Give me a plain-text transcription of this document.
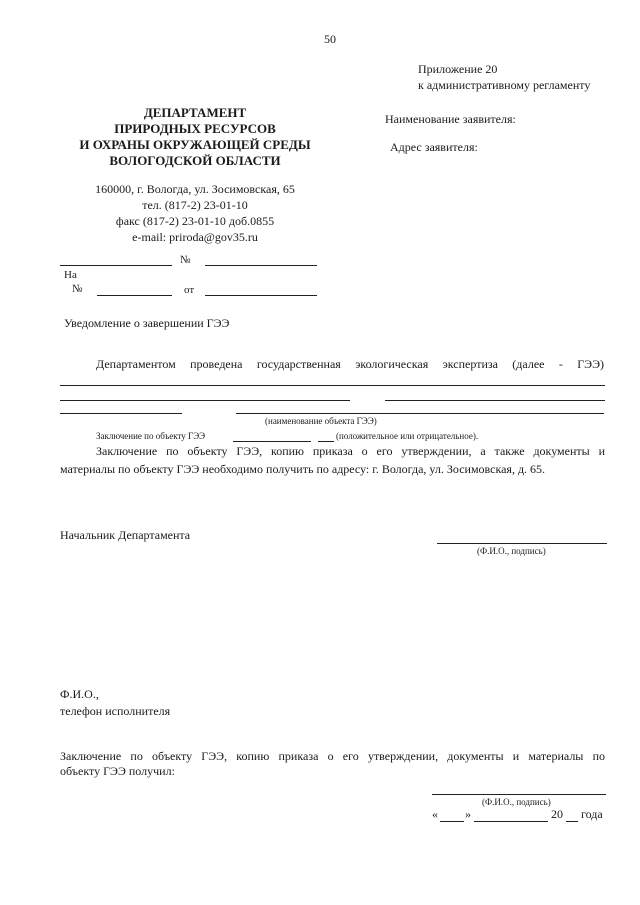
50
Приложение 20
к административному регламенту
ДЕПАРТАМЕНТ
ПРИРОДНЫХ РЕСУРСОВ
И ОХРАНЫ ОКРУЖАЮЩЕЙ СРЕДЫ
ВОЛОГОДСКОЙ ОБЛАСТИ
160000, г. Вологда, ул. Зосимовская, 65
тел. (817-2) 23-01-10
факс (817-2) 23-01-10 доб.0855
e-mail: priroda@gov35.ru
Наименование заявителя:
Адрес заявителя:
№
На
№	от
Уведомление о завершении ГЭЭ
Департаментом проведена государственная экологическая экспертиза (далее - ГЭЭ)
(наименование объекта ГЭЭ)
Заключение по объекту ГЭЭ	(положительное или отрицательное).
Заключение по объекту ГЭЭ, копию приказа о его утверждении, а также документы и
материалы по объекту ГЭЭ необходимо получить по адресу: г. Вологда, ул. Зосимовская, д. 65.
Начальник Департамента
(Ф.И.О., подпись)
Ф.И.О.,
телефон исполнителя
Заключение по объекту ГЭЭ, копию приказа о его утверждении, документы и материалы по
объекту ГЭЭ получил:
(Ф.И.О., подпись)
« »	20 года
